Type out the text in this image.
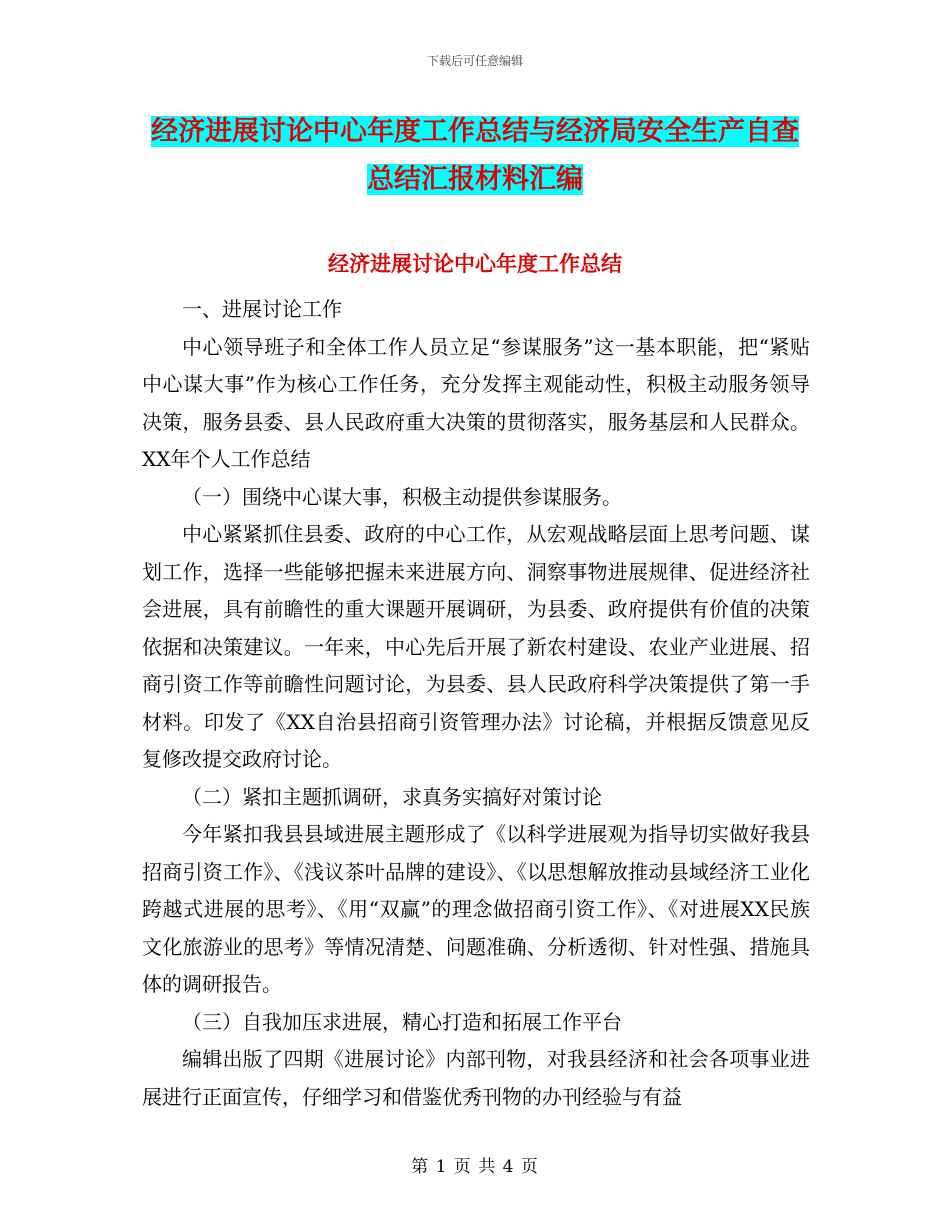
下载后可任意编辑
经济进展讨论中心年度工作总结与经济局安全生产自查总结汇报材料汇编
经济进展讨论中心年度工作总结

一、进展讨论工作

中心领导班子和全体工作人员立足“参谋服务”这一基本职能，把“紧贴中心谋大事”作为核心工作任务，充分发挥主观能动性，积极主动服务领导决策，服务县委、县人民政府重大决策的贯彻落实，服务基层和人民群众。 XX年个人工作总结

（一）围绕中心谋大事，积极主动提供参谋服务。

中心紧紧抓住县委、政府的中心工作，从宏观战略层面上思考问题、谋划工作，选择一些能够把握未来进展方向、洞察事物进展规律、促进经济社会进展，具有前瞻性的重大课题开展调研，为县委、政府提供有价值的决策依据和决策建议。一年来，中心先后开展了新农村建设、农业产业进展、招商引资工作等前瞻性问题讨论，为县委、县人民政府科学决策提供了第一手材料。印发了《XX自治县招商引资管理办法》讨论稿，并根据反馈意见反复修改提交政府讨论。

（二）紧扣主题抓调研，求真务实搞好对策讨论

今年紧扣我县县域进展主题形成了《以科学进展观为指导切实做好我县招商引资工作》、《浅议茶叶品牌的建设》、《以思想解放推动县域经济工业化跨越式进展的思考》、《用“双赢”的理念做招商引资工作》、《对进展XX民族文化旅游业的思考》等情况清楚、问题准确、分析透彻、针对性强、措施具体的调研报告。

（三）自我加压求进展，精心打造和拓展工作平台

编辑出版了四期《进展讨论》内部刊物，对我县经济和社会各项事业进展进行正面宣传，仔细学习和借鉴优秀刊物的办刊经验与有益

第 1 页 共 4 页
